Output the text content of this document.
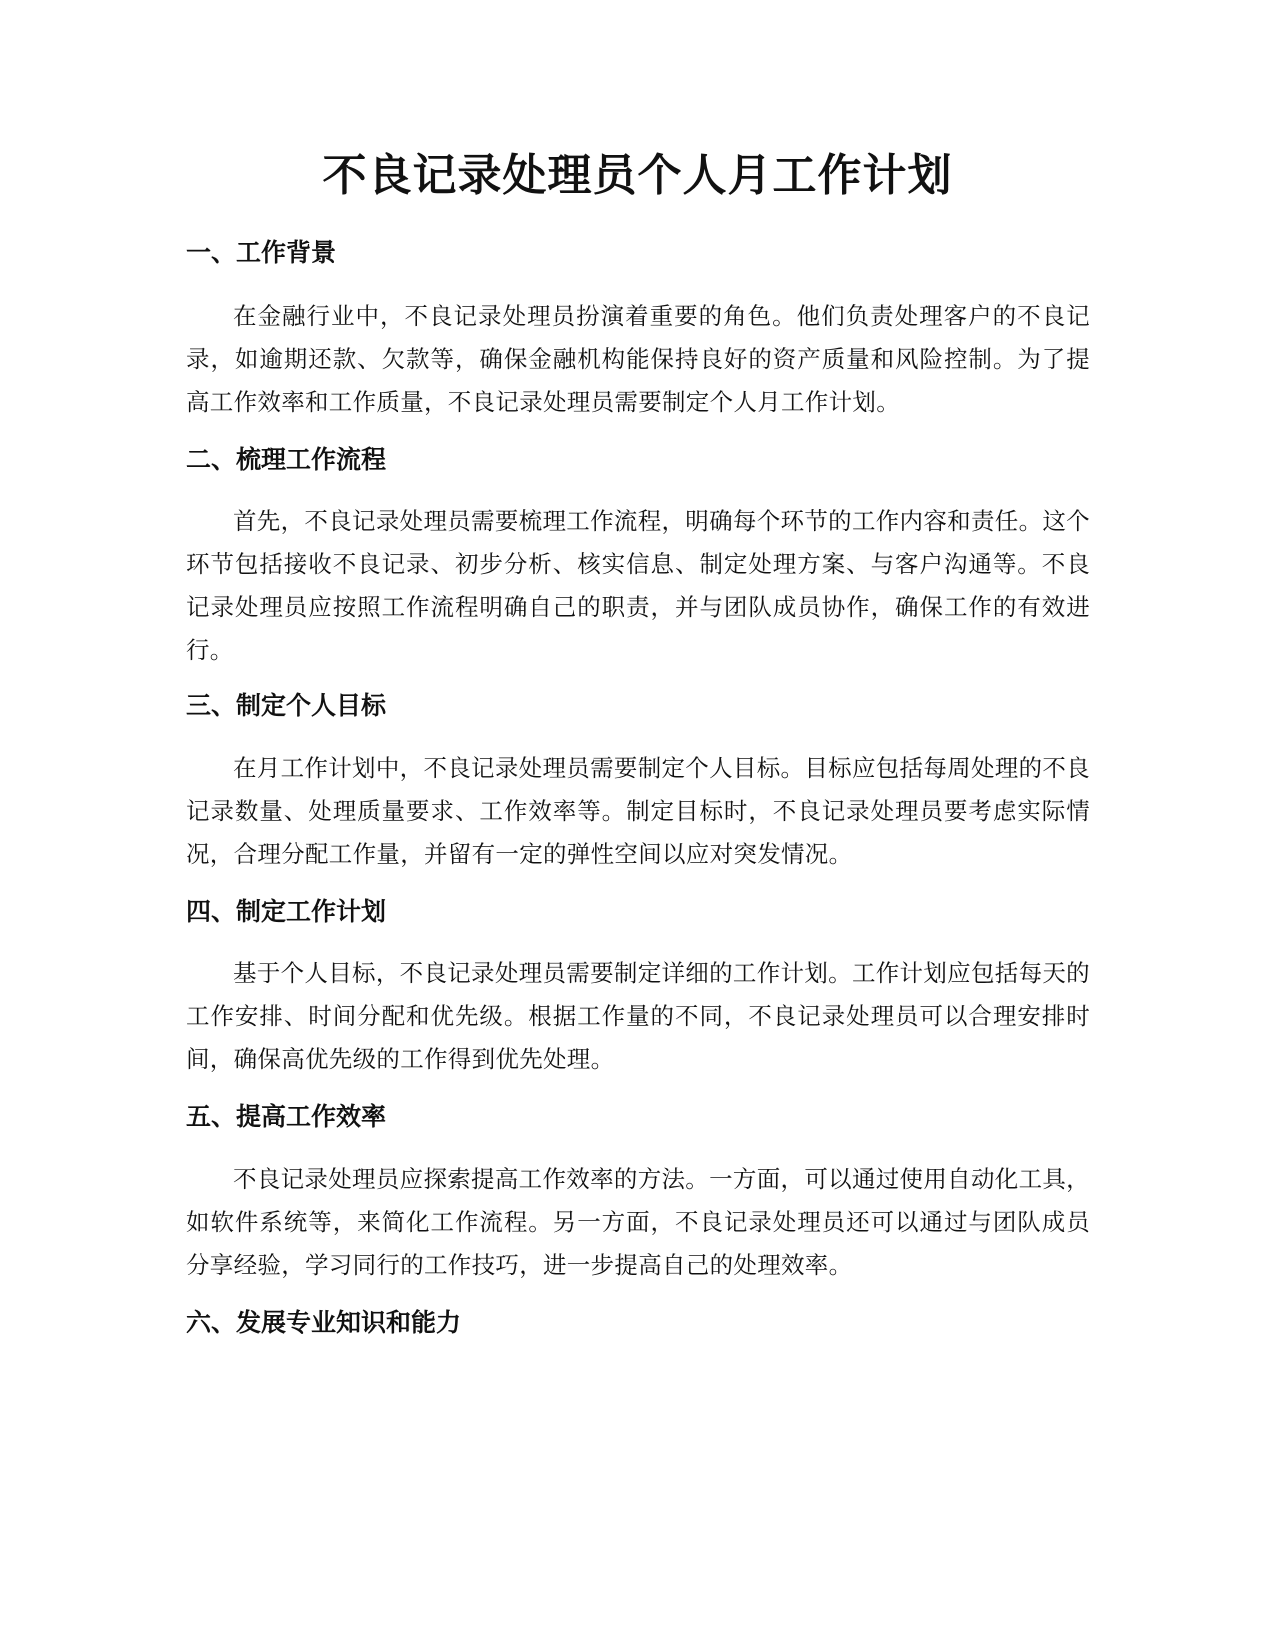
不良记录处理员个人月工作计划
一、工作背景

在金融行业中，不良记录处理员扮演着重要的角色。他们负责处理客户的不良记录，如逾期还款、欠款等，确保金融机构能保持良好的资产质量和风险控制。为了提高工作效率和工作质量，不良记录处理员需要制定个人月工作计划。

二、梳理工作流程

首先，不良记录处理员需要梳理工作流程，明确每个环节的工作内容和责任。这个环节包括接收不良记录、初步分析、核实信息、制定处理方案、与客户沟通等。不良记录处理员应按照工作流程明确自己的职责，并与团队成员协作，确保工作的有效进行。

三、制定个人目标

在月工作计划中，不良记录处理员需要制定个人目标。目标应包括每周处理的不良记录数量、处理质量要求、工作效率等。制定目标时，不良记录处理员要考虑实际情况，合理分配工作量，并留有一定的弹性空间以应对突发情况。

四、制定工作计划

基于个人目标，不良记录处理员需要制定详细的工作计划。工作计划应包括每天的工作安排、时间分配和优先级。根据工作量的不同，不良记录处理员可以合理安排时间，确保高优先级的工作得到优先处理。

五、提高工作效率

不良记录处理员应探索提高工作效率的方法。一方面，可以通过使用自动化工具，如软件系统等，来简化工作流程。另一方面，不良记录处理员还可以通过与团队成员分享经验，学习同行的工作技巧，进一步提高自己的处理效率。

六、发展专业知识和能力
